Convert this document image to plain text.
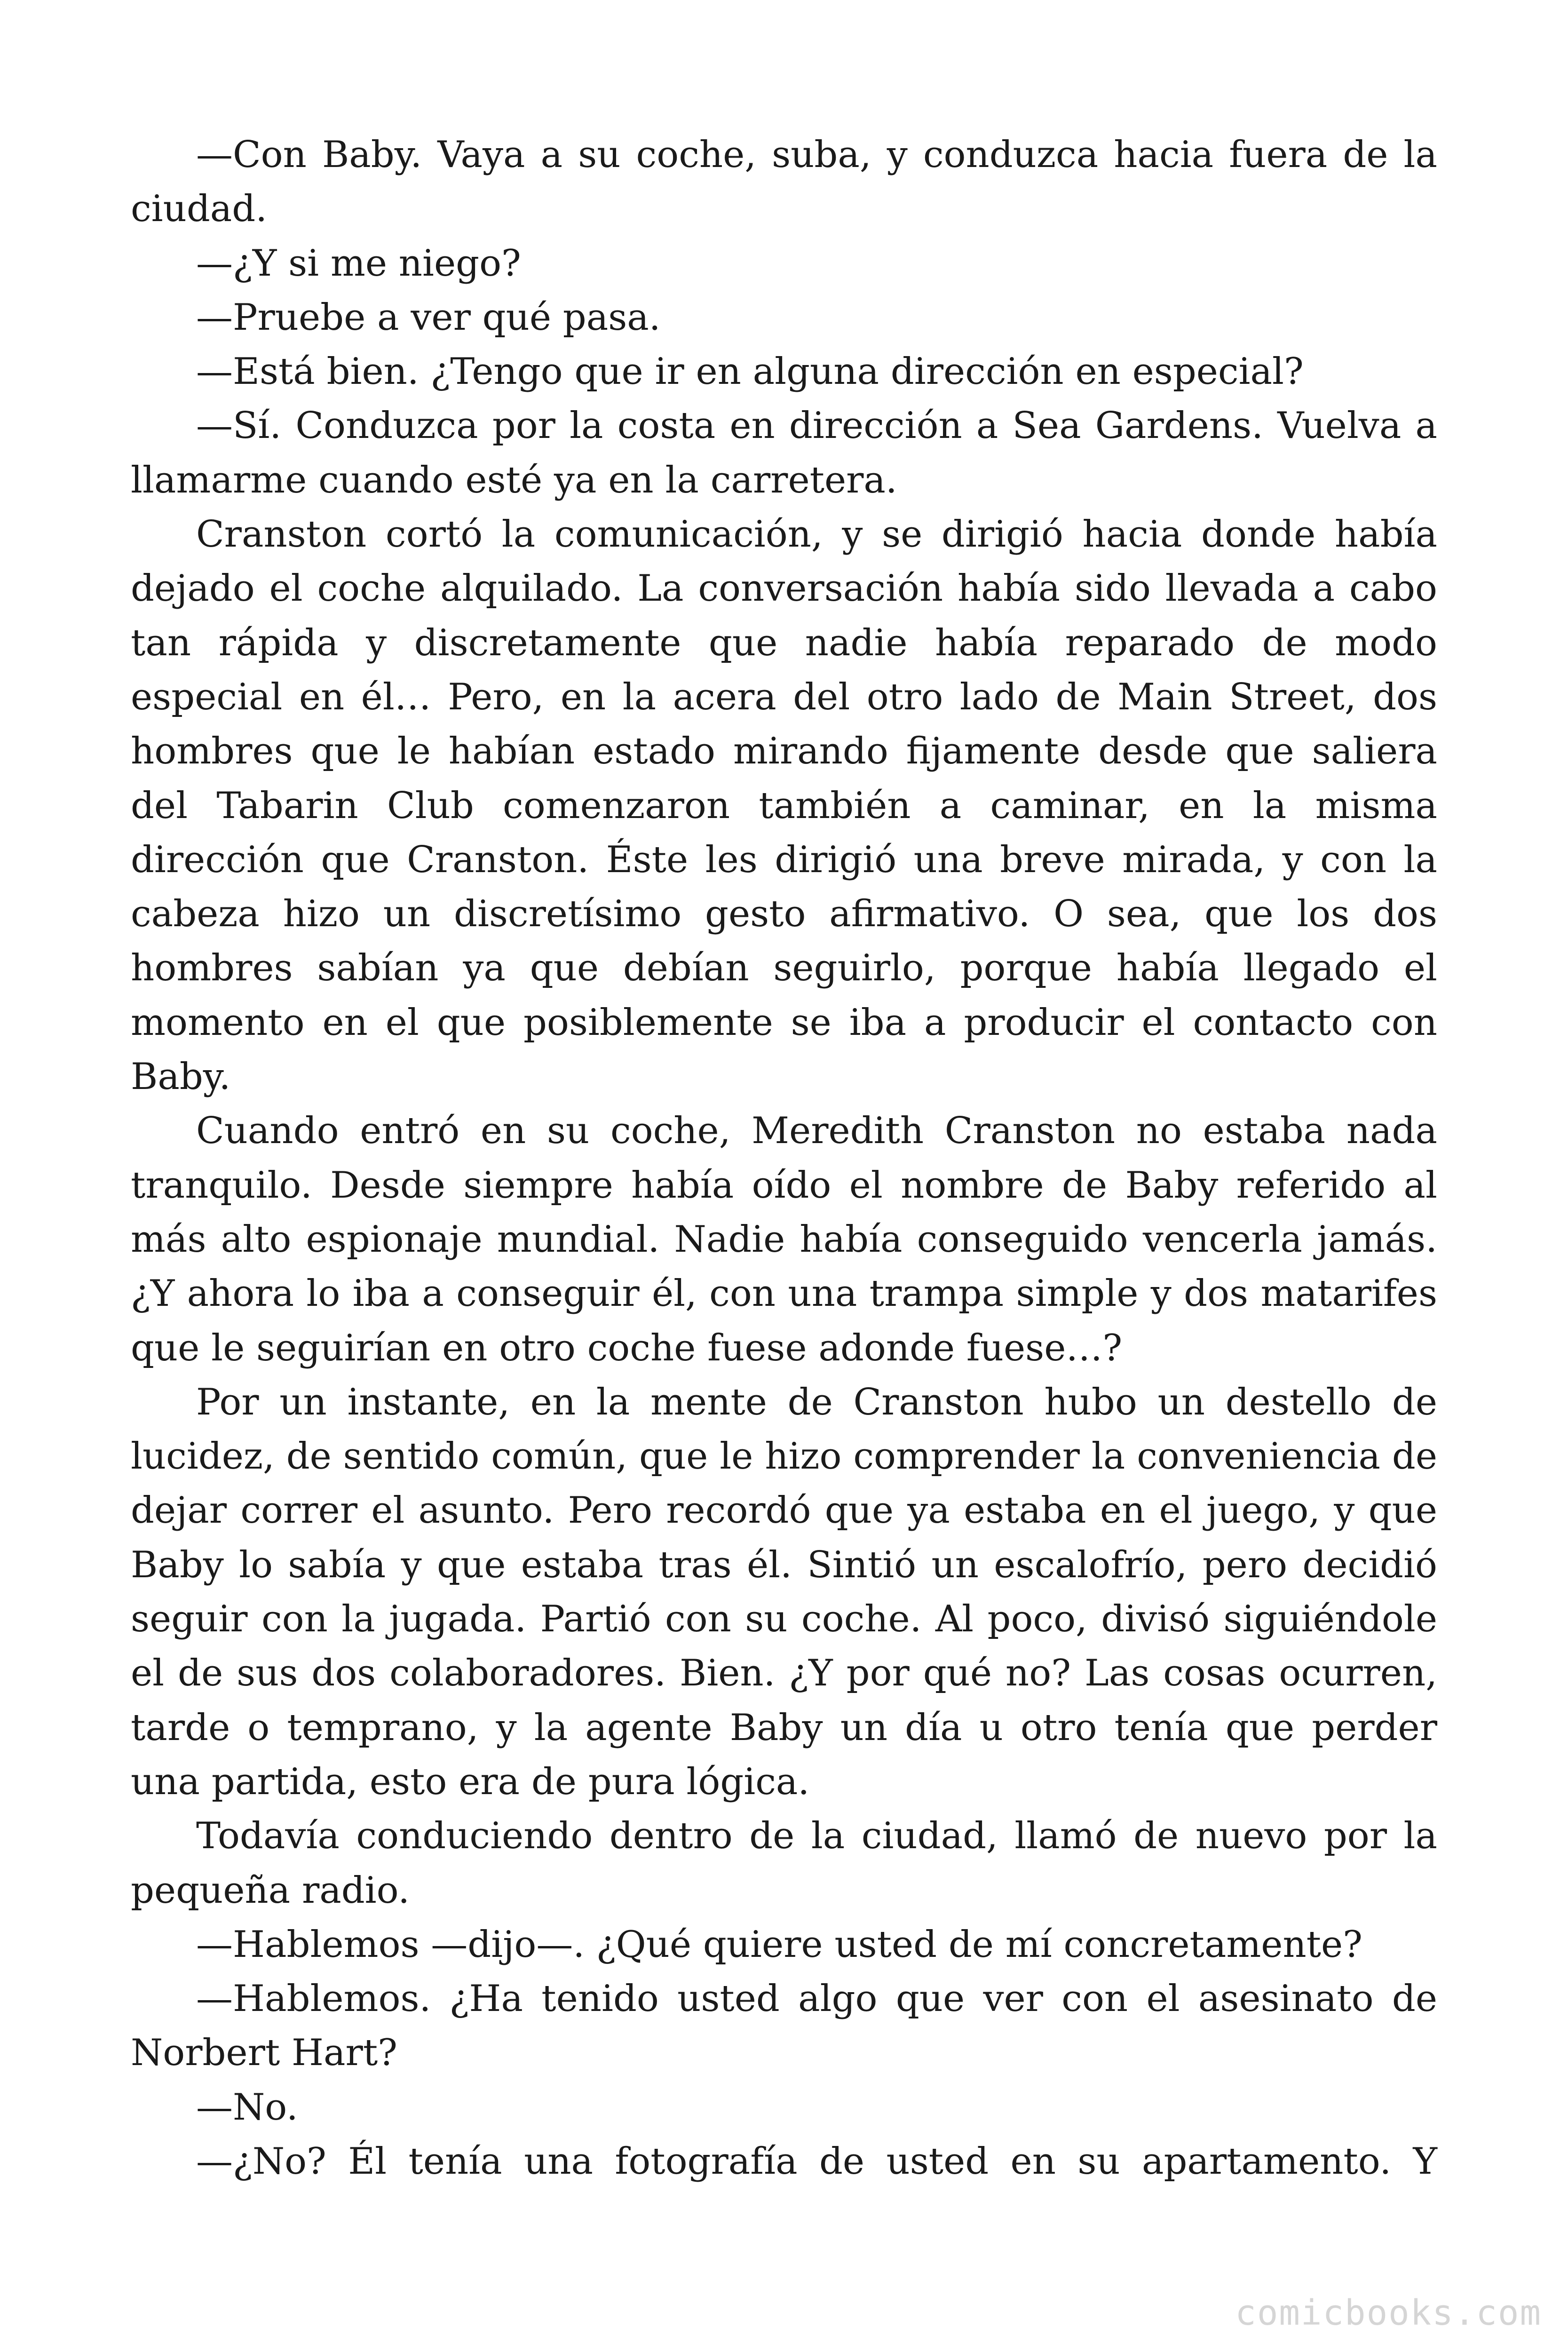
—Con Baby. Vaya a su coche, suba, y conduzca hacia fuera de la ciudad.

—¿Y si me niego?

—Pruebe a ver qué pasa.

—Está bien. ¿Tengo que ir en alguna dirección en especial?

—Sí. Conduzca por la costa en dirección a Sea Gardens. Vuelva a llamarme cuando esté ya en la carretera.

Cranston cortó la comunicación, y se dirigió hacia donde había dejado el coche alquilado. La conversación había sido llevada a cabo tan rápida y discretamente que nadie había reparado de modo especial en él… Pero, en la acera del otro lado de Main Street, dos hombres que le habían estado mirando fijamente desde que saliera del Tabarin Club comenzaron también a caminar, en la misma dirección que Cranston. Éste les dirigió una breve mirada, y con la cabeza hizo un discretísimo gesto afirmativo. O sea, que los dos hombres sabían ya que debían seguirlo, porque había llegado el momento en el que posiblemente se iba a producir el contacto con Baby.

Cuando entró en su coche, Meredith Cranston no estaba nada tranquilo. Desde siempre había oído el nombre de Baby referido al más alto espionaje mundial. Nadie había conseguido vencerla jamás. ¿Y ahora lo iba a conseguir él, con una trampa simple y dos matarifes que le seguirían en otro coche fuese adonde fuese…?

Por un instante, en la mente de Cranston hubo un destello de lucidez, de sentido común, que le hizo comprender la conveniencia de dejar correr el asunto. Pero recordó que ya estaba en el juego, y que Baby lo sabía y que estaba tras él. Sintió un escalofrío, pero decidió seguir con la jugada. Partió con su coche. Al poco, divisó siguiéndole el de sus dos colaboradores. Bien. ¿Y por qué no? Las cosas ocurren, tarde o temprano, y la agente Baby un día u otro tenía que perder una partida, esto era de pura lógica.

Todavía conduciendo dentro de la ciudad, llamó de nuevo por la pequeña radio.

—Hablemos —dijo—. ¿Qué quiere usted de mí concretamente?

—Hablemos. ¿Ha tenido usted algo que ver con el asesinato de Norbert Hart?

—No.

—¿No? Él tenía una fotografía de usted en su apartamento. Y

comicbooks.com
